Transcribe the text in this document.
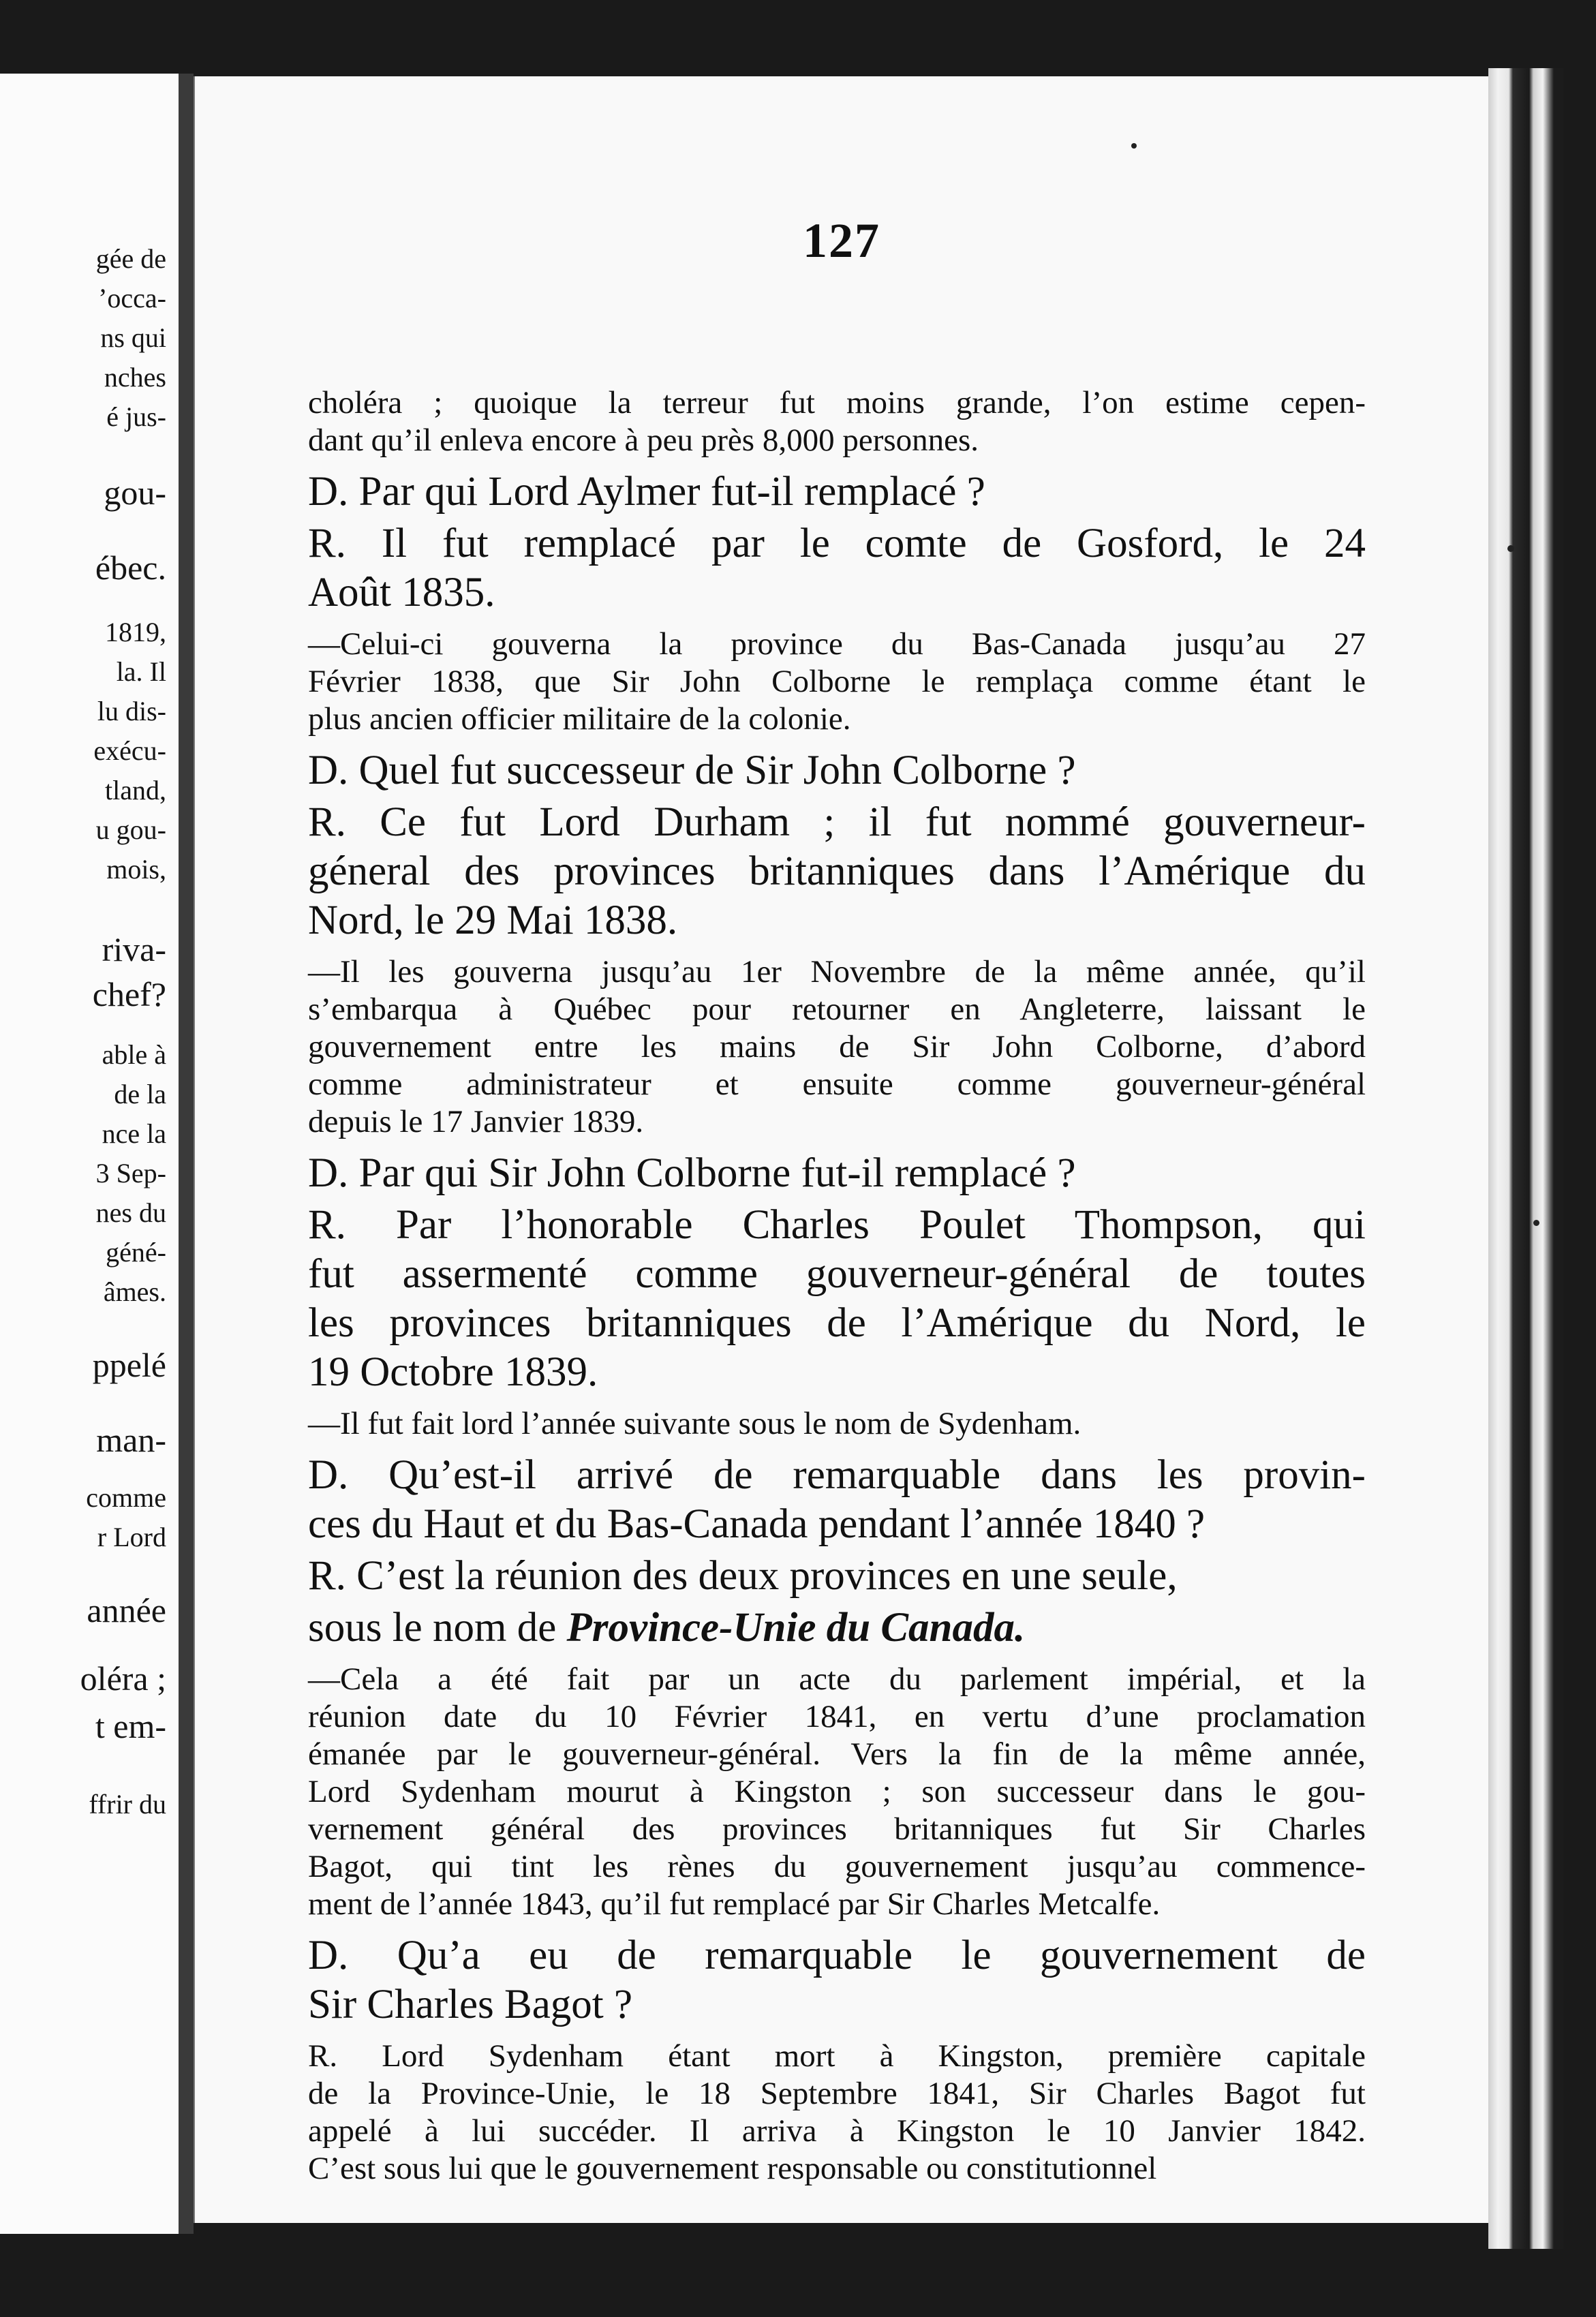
gée de
’occa-
ns qui
nches
é jus-
gou-
ébec.
1819,
la. Il
lu dis-
exécu-
tland,
u gou-
mois,
riva-
chef?
able à
de la
nce la
3 Sep-
nes du
géné-
âmes.
ppelé
man-
comme
r Lord
année
oléra ;
t em-
ffrir du
127
choléra ; quoique la terreur fut moins grande, l’on estime cepen-
dant qu’il enleva encore à peu près 8,000 personnes.
D. Par qui Lord Aylmer fut-il remplacé ?
R. Il fut remplacé par le comte de Gosford, le 24
Août 1835.
—Celui-ci gouverna la province du Bas-Canada jusqu’au 27
Février 1838, que Sir John Colborne le remplaça comme étant le
plus ancien officier militaire de la colonie.
D. Quel fut successeur de Sir John Colborne ?
R. Ce fut Lord Durham ; il fut nommé gouverneur-
géneral des provinces britanniques dans l’Amérique du
Nord, le 29 Mai 1838.
—Il les gouverna jusqu’au 1er Novembre de la même année, qu’il
s’embarqua à Québec pour retourner en Angleterre, laissant le
gouvernement entre les mains de Sir John Colborne, d’abord
comme administrateur et ensuite comme gouverneur-général
depuis le 17 Janvier 1839.
D. Par qui Sir John Colborne fut-il remplacé ?
R. Par l’honorable Charles Poulet Thompson, qui
fut assermenté comme gouverneur-général de toutes
les provinces britanniques de l’Amérique du Nord, le
19 Octobre 1839.
—Il fut fait lord l’année suivante sous le nom de Sydenham.
D. Qu’est-il arrivé de remarquable dans les provin-
ces du Haut et du Bas-Canada pendant l’année 1840 ?
R. C’est la réunion des deux provinces en une seule,
sous le nom de Province-Unie du Canada.
—Cela a été fait par un acte du parlement impérial, et la
réunion date du 10 Février 1841, en vertu d’une proclamation
émanée par le gouverneur-général. Vers la fin de la même année,
Lord Sydenham mourut à Kingston ; son successeur dans le gou-
vernement général des provinces britanniques fut Sir Charles
Bagot, qui tint les rènes du gouvernement jusqu’au commence-
ment de l’année 1843, qu’il fut remplacé par Sir Charles Metcalfe.
D. Qu’a eu de remarquable le gouvernement de
Sir Charles Bagot ?
R. Lord Sydenham étant mort à Kingston, première capitale
de la Province-Unie, le 18 Septembre 1841, Sir Charles Bagot fut
appelé à lui succéder. Il arriva à Kingston le 10 Janvier 1842.
C’est sous lui que le gouvernement responsable ou constitutionnel
